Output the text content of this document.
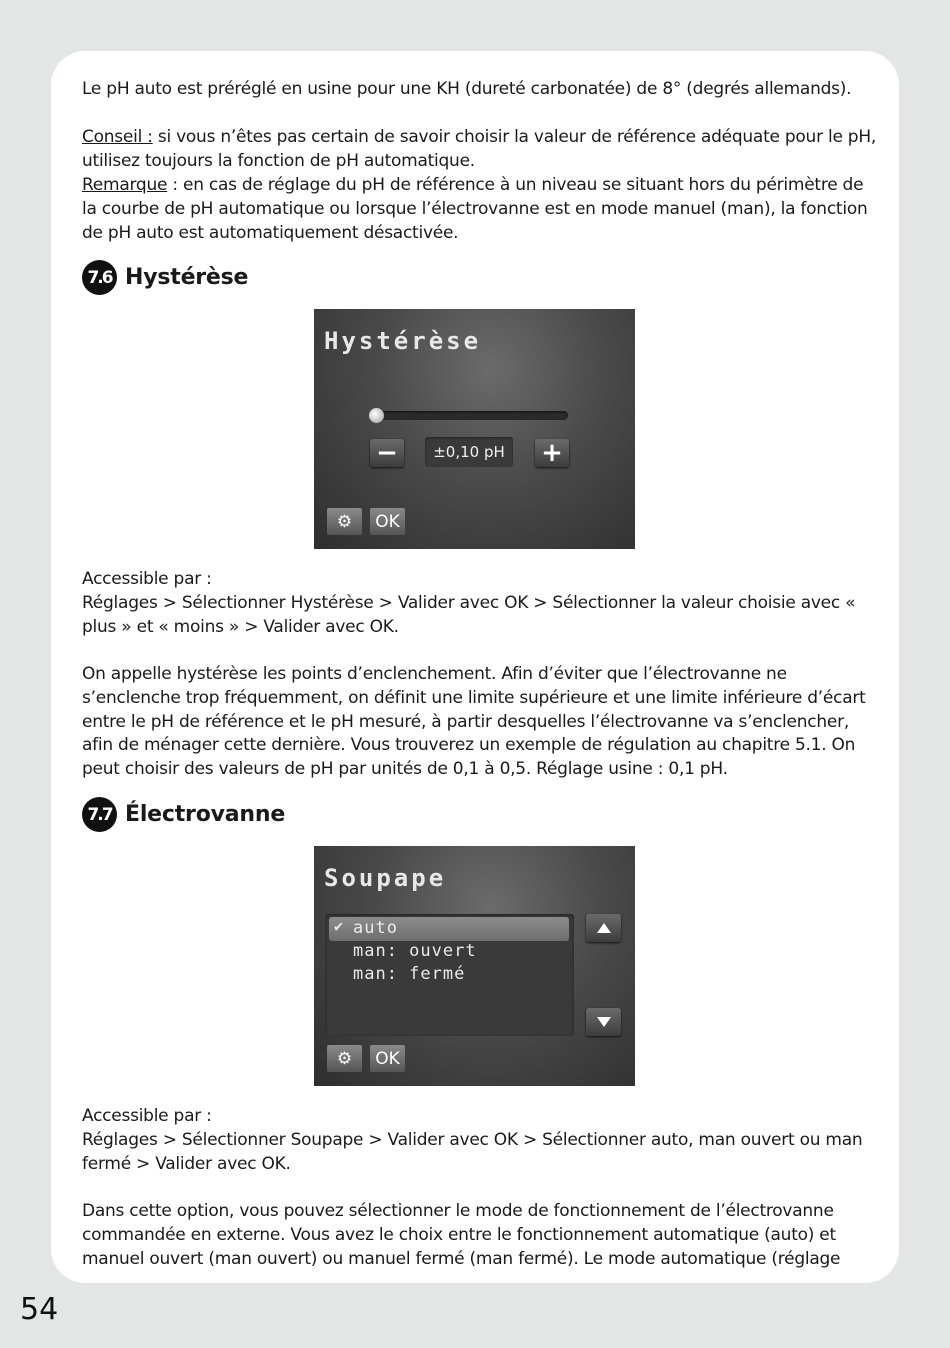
Le pH auto est préréglé en usine pour une KH (dureté carbonatée) de 8° (degrés allemands).

Conseil : si vous n’êtes pas certain de savoir choisir la valeur de référence adéquate pour le pH, utilisez toujours la fonction de pH automatique.

Remarque : en cas de réglage du pH de référence à un niveau se situant hors du périmètre de la courbe de pH automatique ou lorsque l’électrovanne est en mode manuel (man), la fonction de pH auto est automatiquement désactivée.

7.6 Hystérèse
Hystérèse
−	±0,10 pH	+
⚙	OK

Accessible par :

Réglages > Sélectionner Hystérèse > Valider avec OK > Sélectionner la valeur choisie avec « plus » et « moins » > Valider avec OK.

On appelle hystérèse les points d’enclenchement. Afin d’éviter que l’électrovanne ne s’enclenche trop fréquemment, on définit une limite supérieure et une limite inférieure d’écart entre le pH de référence et le pH mesuré, à partir desquelles l’électrovanne va s’enclencher, afin de ménager cette dernière. Vous trouverez un exemple de régulation au chapitre 5.1. On peut choisir des valeurs de pH par unités de 0,1 à 0,5. Réglage usine : 0,1 pH.

7.7 Électrovanne
Soupape
✔ auto
man: ouvert
man: fermé
⚙	OK

Accessible par :

Réglages > Sélectionner Soupape > Valider avec OK > Sélectionner auto, man ouvert ou man fermé > Valider avec OK.

Dans cette option, vous pouvez sélectionner le mode de fonctionnement de l’électrovanne commandée en externe. Vous avez le choix entre le fonctionnement automatique (auto) et manuel ouvert (man ouvert) ou manuel fermé (man fermé). Le mode automatique (réglage

54
